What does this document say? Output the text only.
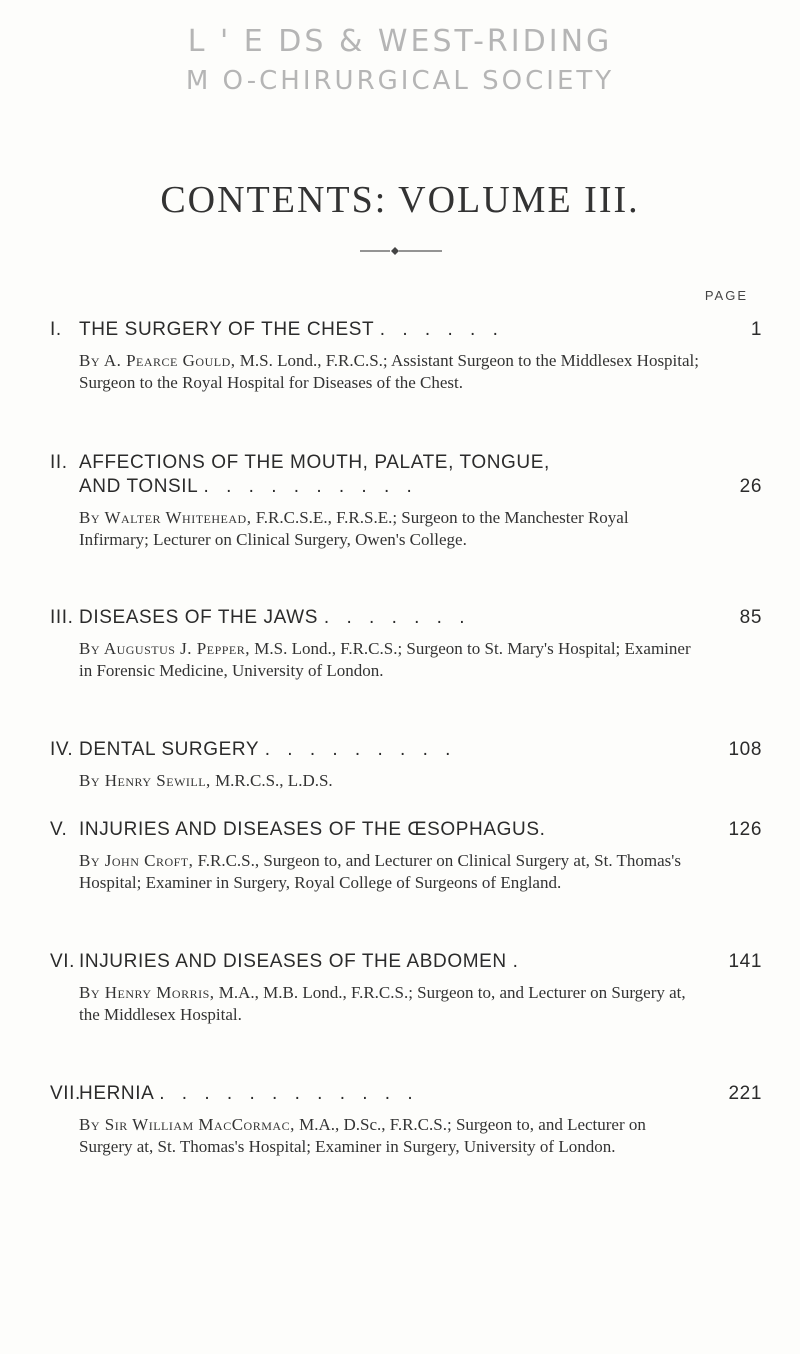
L ' E DS & WEST-RIDING
M O-CHIRURGICAL SOCIETY
CONTENTS: VOLUME III.
PAGE
I. THE SURGERY OF THE CHEST . . . . . .	1
By A. Pearce Gould, M.S. Lond., F.R.C.S.; Assistant Surgeon to the Middlesex Hospital; Surgeon to the Royal Hospital for Diseases of the Chest.
II. AFFECTIONS OF THE MOUTH, PALATE, TONGUE,
AND TONSIL . . . . . . . . . .	26
By Walter Whitehead, F.R.C.S.E., F.R.S.E.; Surgeon to the Manchester Royal Infirmary; Lecturer on Clinical Surgery, Owen's College.
III. DISEASES OF THE JAWS . . . . . . .	85
By Augustus J. Pepper, M.S. Lond., F.R.C.S.; Surgeon to St. Mary's Hospital; Examiner in Forensic Medicine, University of London.
IV. DENTAL SURGERY . . . . . . . . .	108
By Henry Sewill, M.R.C.S., L.D.S.
V. INJURIES AND DISEASES OF THE ŒSOPHAGUS.	126
By John Croft, F.R.C.S., Surgeon to, and Lecturer on Clinical Surgery at, St. Thomas's Hospital; Examiner in Surgery, Royal College of Surgeons of England.
VI. INJURIES AND DISEASES OF THE ABDOMEN .	141
By Henry Morris, M.A., M.B. Lond., F.R.C.S.; Surgeon to, and Lecturer on Surgery at, the Middlesex Hospital.
VII.
HERNIA . . . . . . . . . . . .	221
By Sir William MacCormac, M.A., D.Sc., F.R.C.S.; Surgeon to, and Lecturer on Surgery at, St. Thomas's Hospital; Examiner in Surgery, University of London.
